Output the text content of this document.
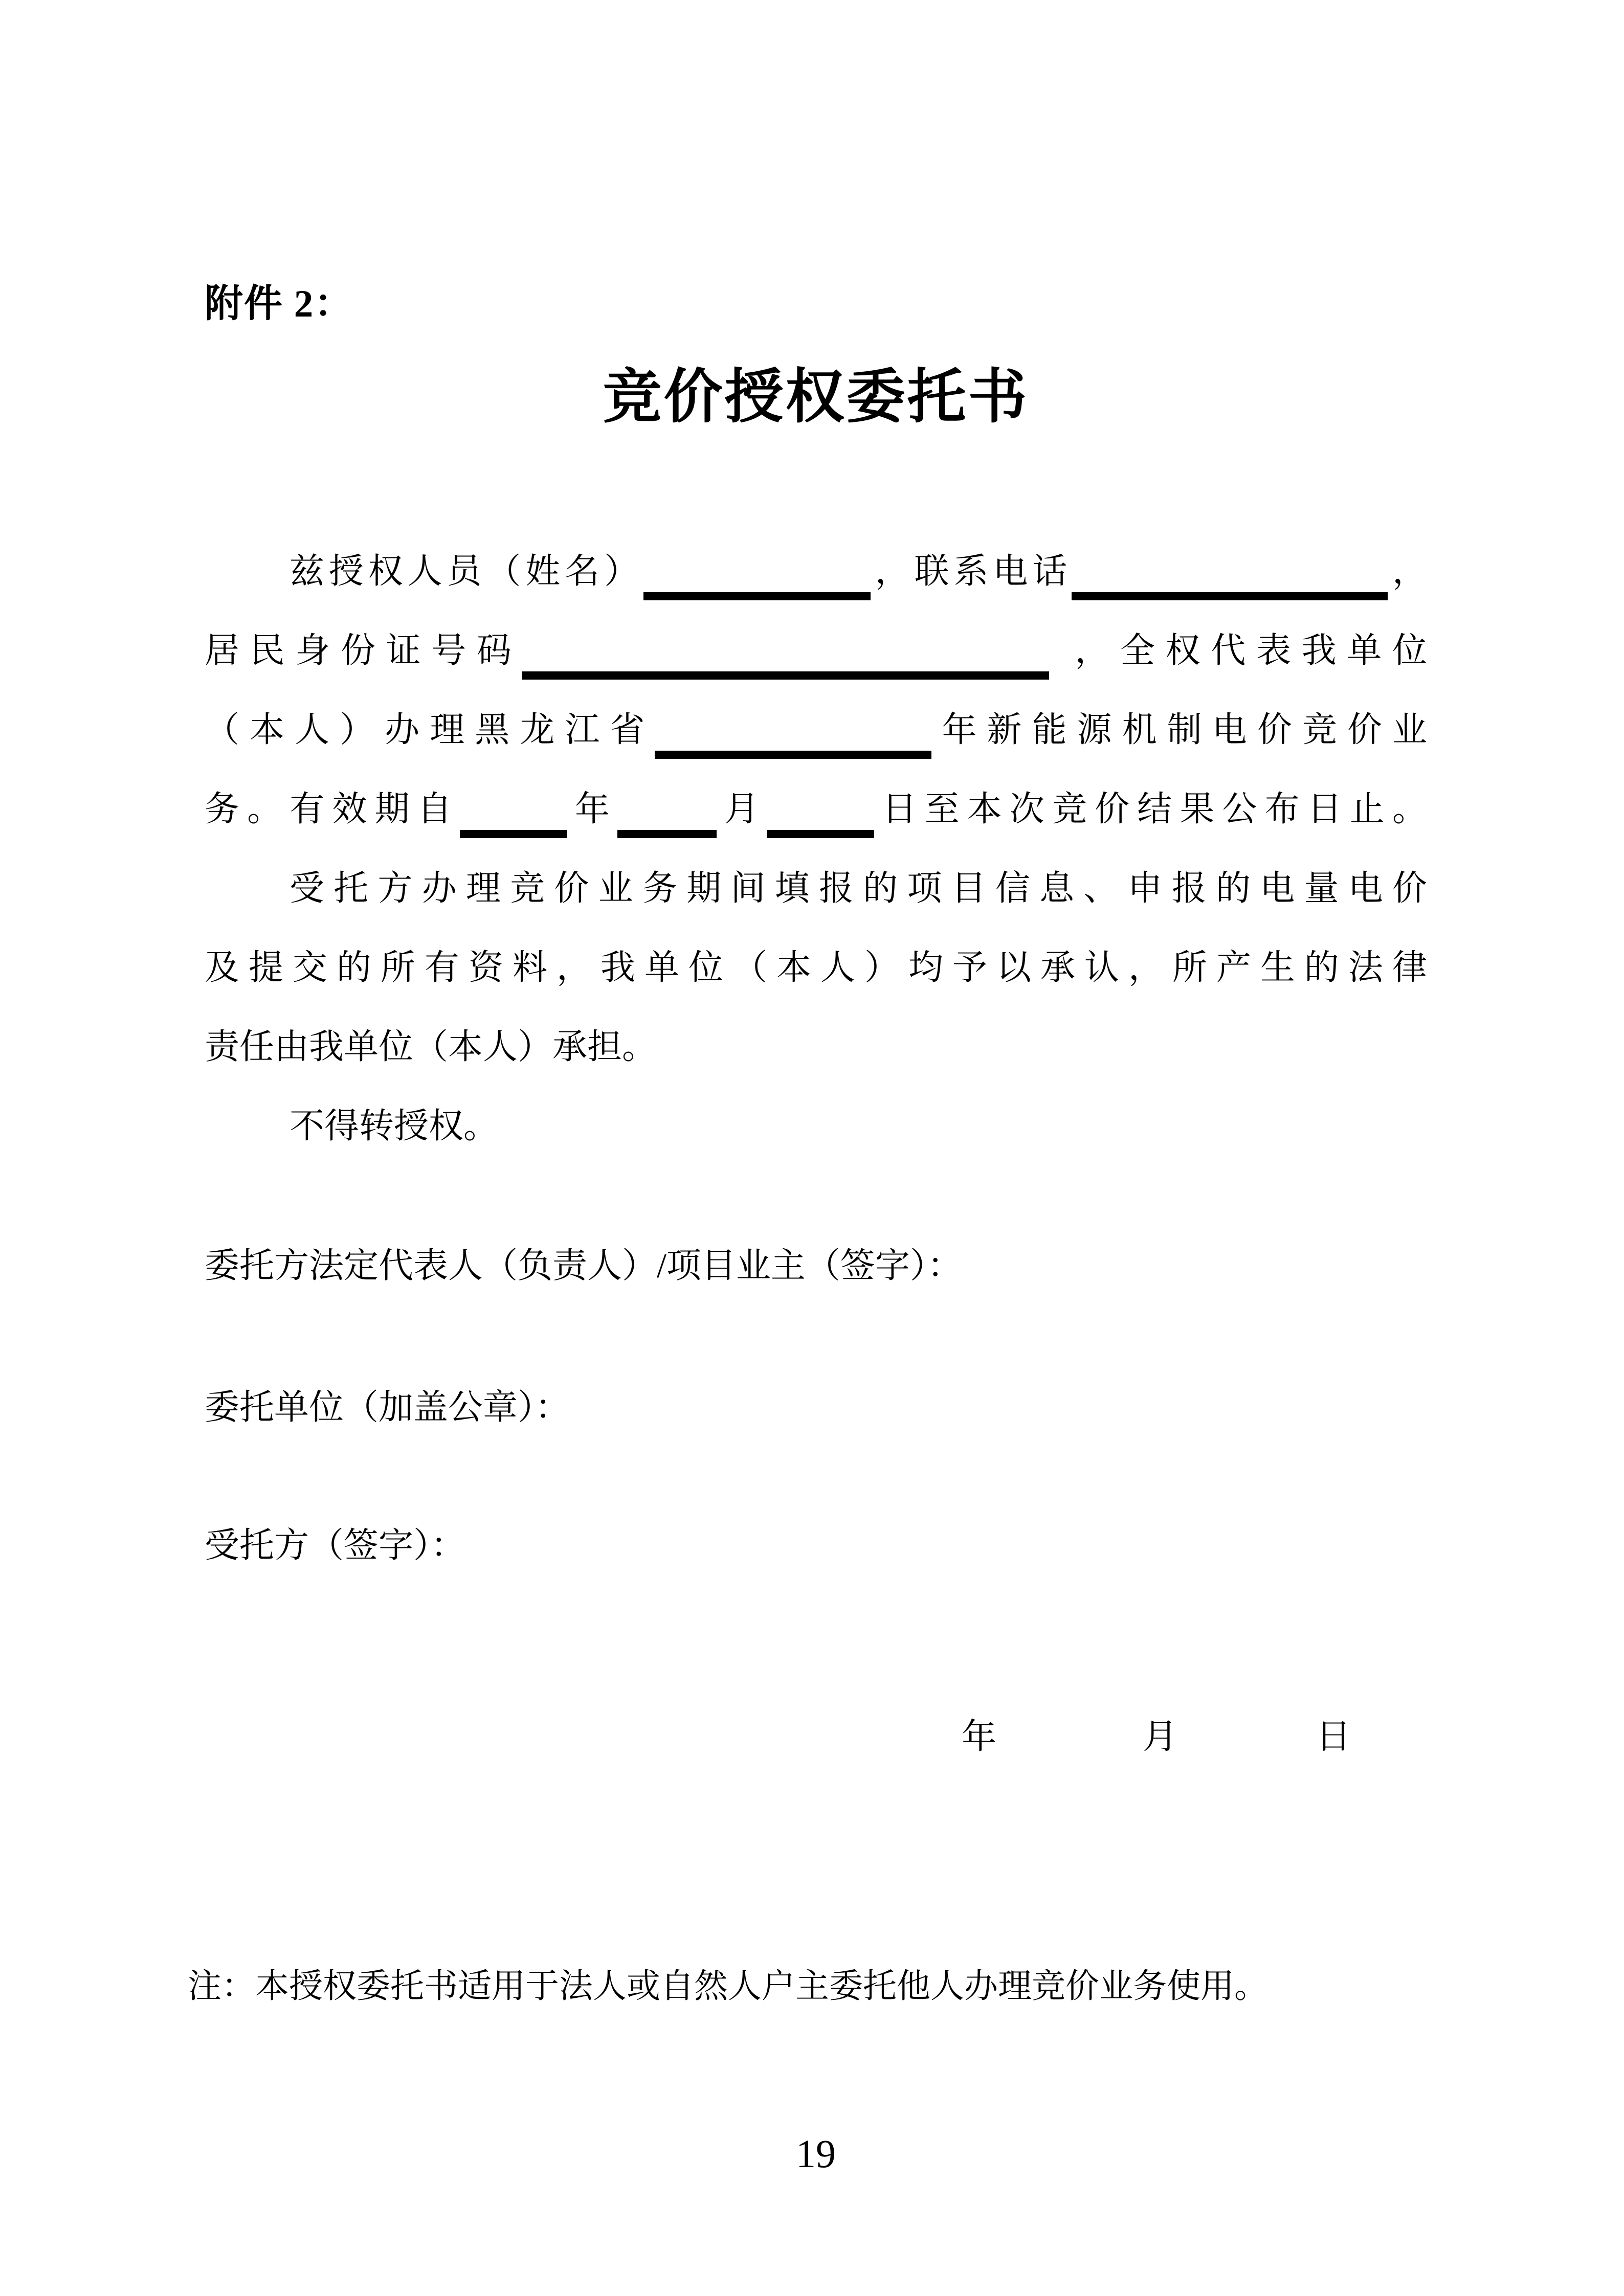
附件 2：
竞价授权委托书
兹授权人员（姓名）	，联系电话	，
居民身份证号码	，全权代表我单位
（本人）办理黑龙江省	年新能源机制电价竞价业
务。有效期自	年	月	日至本次竞价结果公布日止。
受托方办理竞价业务期间填报的项目信息、申报的电量电价
及提交的所有资料，我单位（本人）均予以承认，所产生的法律
责任由我单位（本人）承担。
不得转授权。
委托方法定代表人（负责人）/项目业主（签字）：
委托单位（加盖公章）：
受托方（签字）：
年	月	日
注：本授权委托书适用于法人或自然人户主委托他人办理竞价业务使用。
19
